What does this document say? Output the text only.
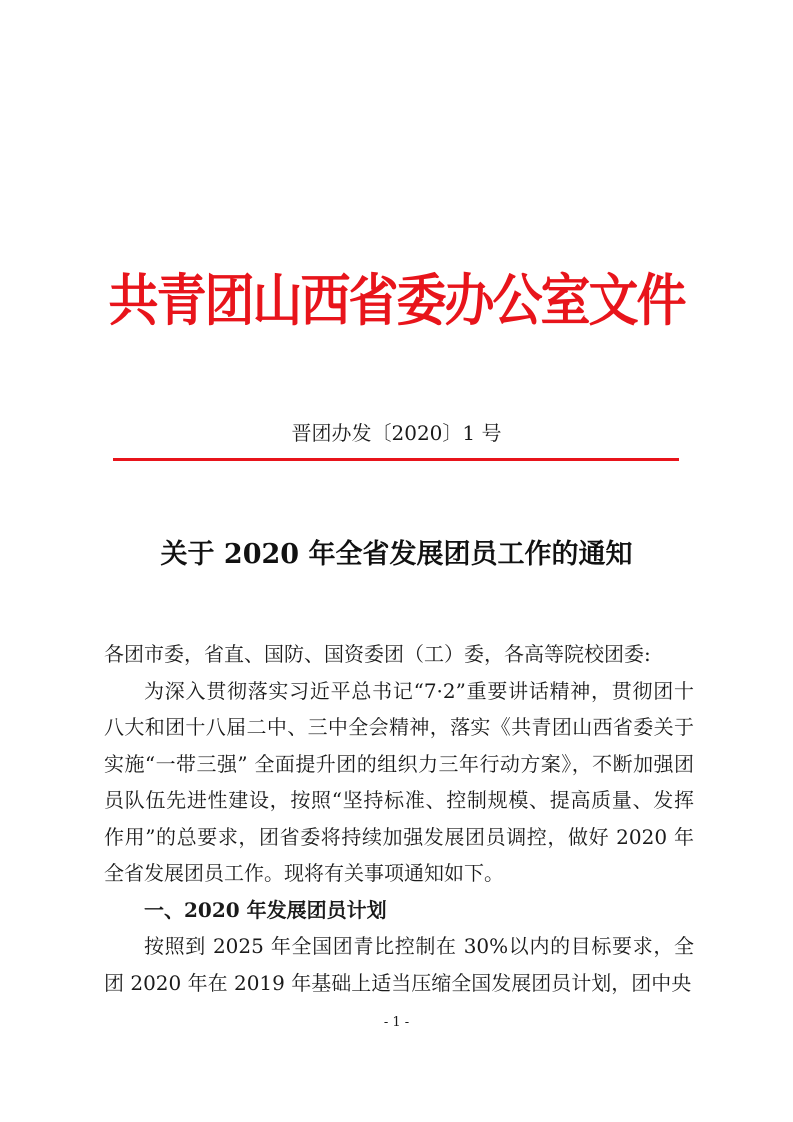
共青团山西省委办公室文件
晋团办发〔2020〕1 号
关于 2020 年全省发展团员工作的通知

各团市委，省直、国防、国资委团（工）委，各高等院校团委:

为深入贯彻落实习近平总书记“7·2”重要讲话精神，贯彻团十八大和团十八届二中、三中全会精神，落实《共青团山西省委关于实施“一带三强” 全面提升团的组织力三年行动方案》，不断加强团员队伍先进性建设，按照“坚持标准、控制规模、提高质量、发挥作用”的总要求，团省委将持续加强发展团员调控，做好 2020 年全省发展团员工作。现将有关事项通知如下。

一、2020 年发展团员计划

按照到 2025 年全国团青比控制在 30%以内的目标要求，全团 2020 年在 2019 年基础上适当压缩全国发展团员计划，团中央

- 1 -
